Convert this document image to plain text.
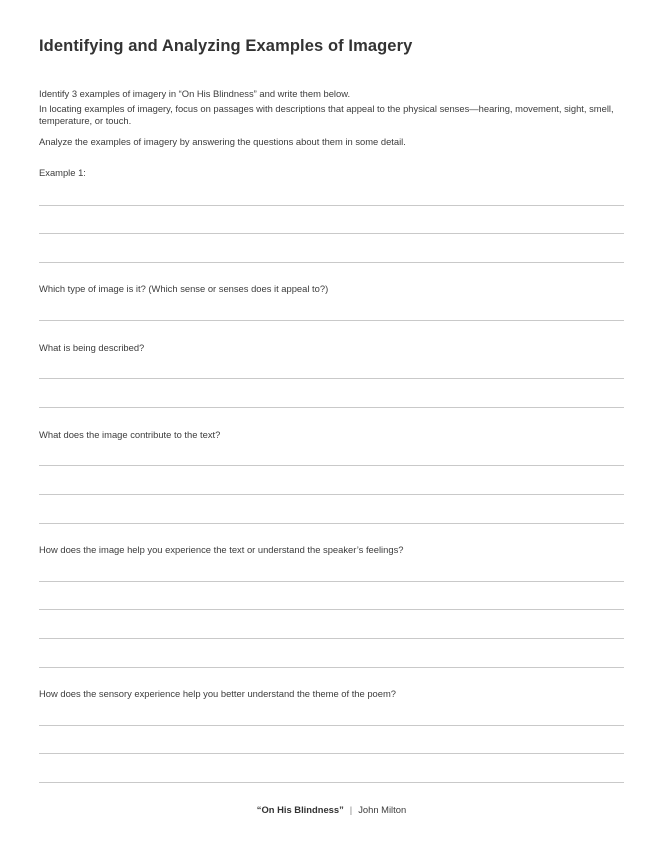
Identifying and Analyzing Examples of Imagery

Identify 3 examples of imagery in “On His Blindness” and write them below.

In locating examples of imagery, focus on passages with descriptions that appeal to the physical senses—hearing, movement, sight, smell, temperature, or touch.

Analyze the examples of imagery by answering the questions about them in some detail.

Example 1:
Which type of image is it? (Which sense or senses does it appeal to?)
What is being described?
What does the image contribute to the text?
How does the image help you experience the text or understand the speaker’s feelings?
How does the sensory experience help you better understand the theme of the poem?
“On His Blindness” | John Milton
